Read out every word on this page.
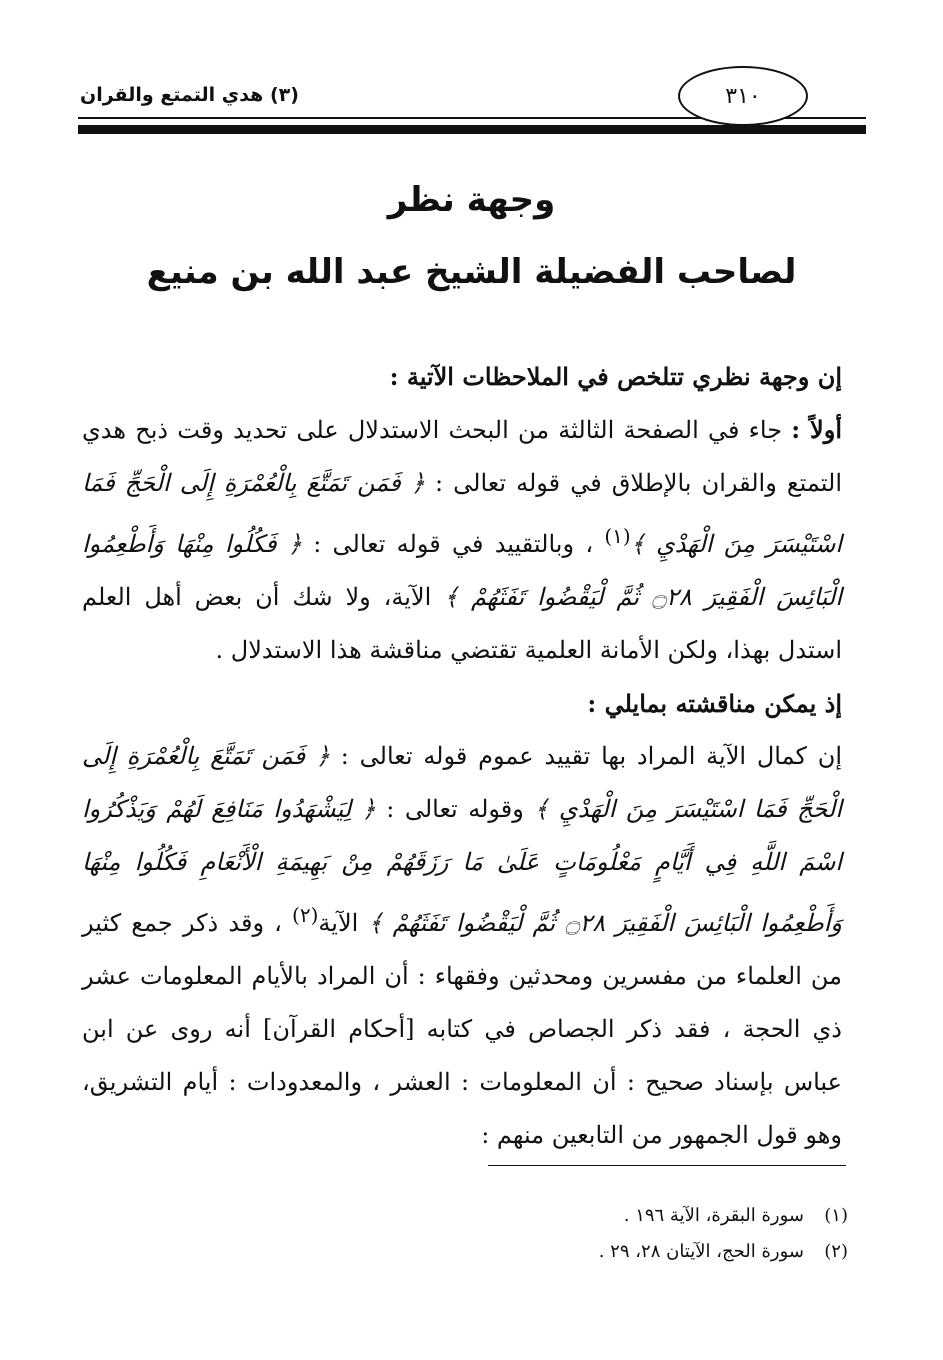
(٣) هدي التمتع والقران	٣١٠
وجهة نظر
لصاحب الفضيلة الشيخ عبد الله بن منيع

إن وجهة نظري تتلخص في الملاحظات الآتية :

أولاً : جاء في الصفحة الثالثة من البحث الاستدلال على تحديد وقت ذبح هدي التمتع والقران بالإطلاق في قوله تعالى : ﴿ فَمَن تَمَتَّعَ بِالْعُمْرَةِ إِلَى الْحَجِّ فَمَا اسْتَيْسَرَ مِنَ الْهَدْيِ ﴾$^{(١)}$ ، وبالتقييد في قوله تعالى : ﴿ فَكُلُوا مِنْهَا وَأَطْعِمُوا الْبَائِسَ الْفَقِيرَ ۝٢٨ ثُمَّ لْيَقْضُوا تَفَثَهُمْ ﴾ الآية، ولا شك أن بعض أهل العلم استدل بهذا، ولكن الأمانة العلمية تقتضي مناقشة هذا الاستدلال .

إذ يمكن مناقشته بمايلي :

إن كمال الآية المراد بها تقييد عموم قوله تعالى : ﴿ فَمَن تَمَتَّعَ بِالْعُمْرَةِ إِلَى الْحَجِّ فَمَا اسْتَيْسَرَ مِنَ الْهَدْيِ ﴾ وقوله تعالى : ﴿ لِيَشْهَدُوا مَنَافِعَ لَهُمْ وَيَذْكُرُوا اسْمَ اللَّهِ فِي أَيَّامٍ مَعْلُومَاتٍ عَلَىٰ مَا رَزَقَهُمْ مِنْ بَهِيمَةِ الْأَنْعَامِ فَكُلُوا مِنْهَا وَأَطْعِمُوا الْبَائِسَ الْفَقِيرَ ۝٢٨ ثُمَّ لْيَقْضُوا تَفَثَهُمْ ﴾ الآية$^{(٢)}$ ، وقد ذكر جمع كثير من العلماء من مفسرين ومحدثين وفقهاء : أن المراد بالأيام المعلومات عشر ذي الحجة ، فقد ذكر الجصاص في كتابه [أحكام القرآن] أنه روى عن ابن عباس بإسناد صحيح : أن المعلومات : العشر ، والمعدودات : أيام التشريق، وهو قول الجمهور من التابعين منهم :

(١)سورة البقرة، الآية ١٩٦ .

(٢)سورة الحج، الآيتان ٢٨، ٢٩ .
